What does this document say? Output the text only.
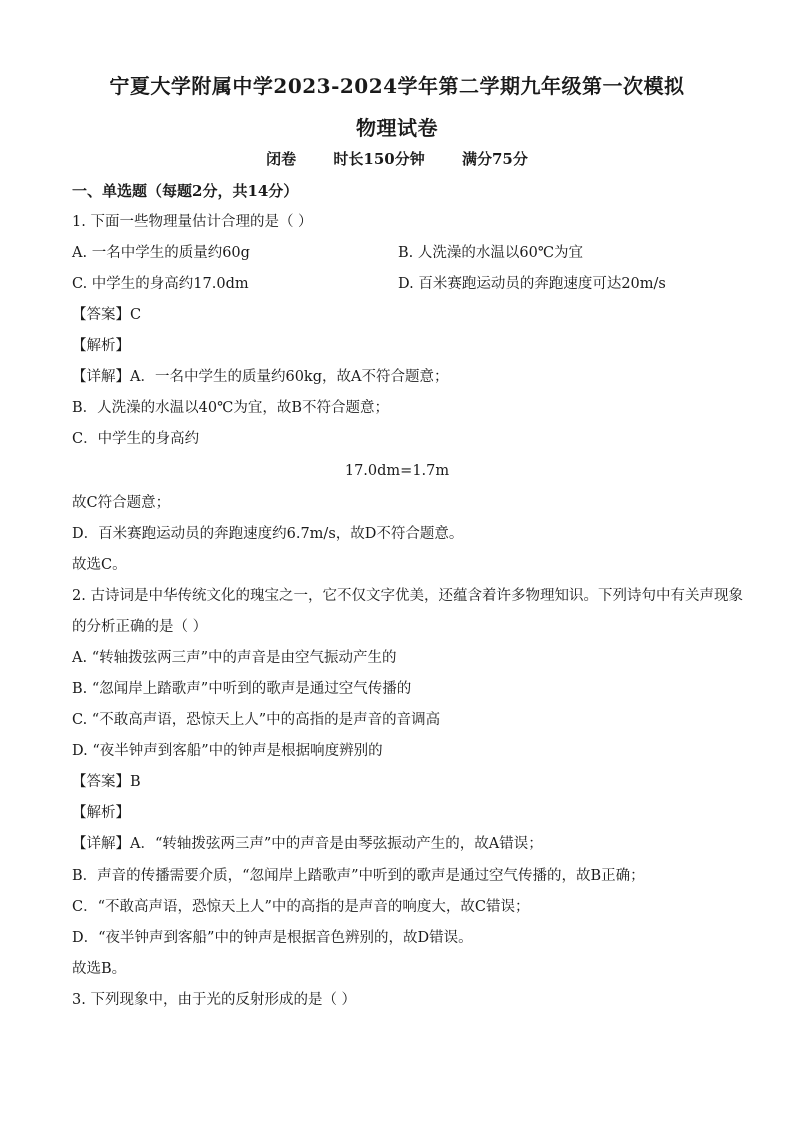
宁夏大学附属中学2023-2024学年第二学期九年级第一次模拟
物理试卷
闭卷 时长150分钟 满分75分
一、单选题（每题2分，共14分）
1. 下面一些物理量估计合理的是（ ）
A. 一名中学生的质量约60g	B. 人洗澡的水温以60℃为宜
C. 中学生的身高约17.0dm	D. 百米赛跑运动员的奔跑速度可达20m/s
【答案】C
【解析】
【详解】A．一名中学生的质量约60kg，故A不符合题意；
B．人洗澡的水温以40℃为宜，故B不符合题意；
C．中学生的身高约
17.0dm=1.7m
故C符合题意；
D．百米赛跑运动员的奔跑速度约6.7m/s，故D不符合题意。
故选C。
2. 古诗词是中华传统文化的瑰宝之一，它不仅文字优美，还蕴含着许多物理知识。下列诗句中有关声现象
的分析正确的是（ ）
A. “转轴拨弦两三声”中的声音是由空气振动产生的
B. “忽闻岸上踏歌声”中听到的歌声是通过空气传播的
C. “不敢高声语，恐惊天上人”中的高指的是声音的音调高
D. “夜半钟声到客船”中的钟声是根据响度辨别的
【答案】B
【解析】
【详解】A．“转轴拨弦两三声”中的声音是由琴弦振动产生的，故A错误；
B．声音的传播需要介质，“忽闻岸上踏歌声”中听到的歌声是通过空气传播的，故B正确；
C．“不敢高声语，恐惊天上人”中的高指的是声音的响度大，故C错误；
D．“夜半钟声到客船”中的钟声是根据音色辨别的，故D错误。
故选B。
3. 下列现象中，由于光的反射形成的是（ ）
